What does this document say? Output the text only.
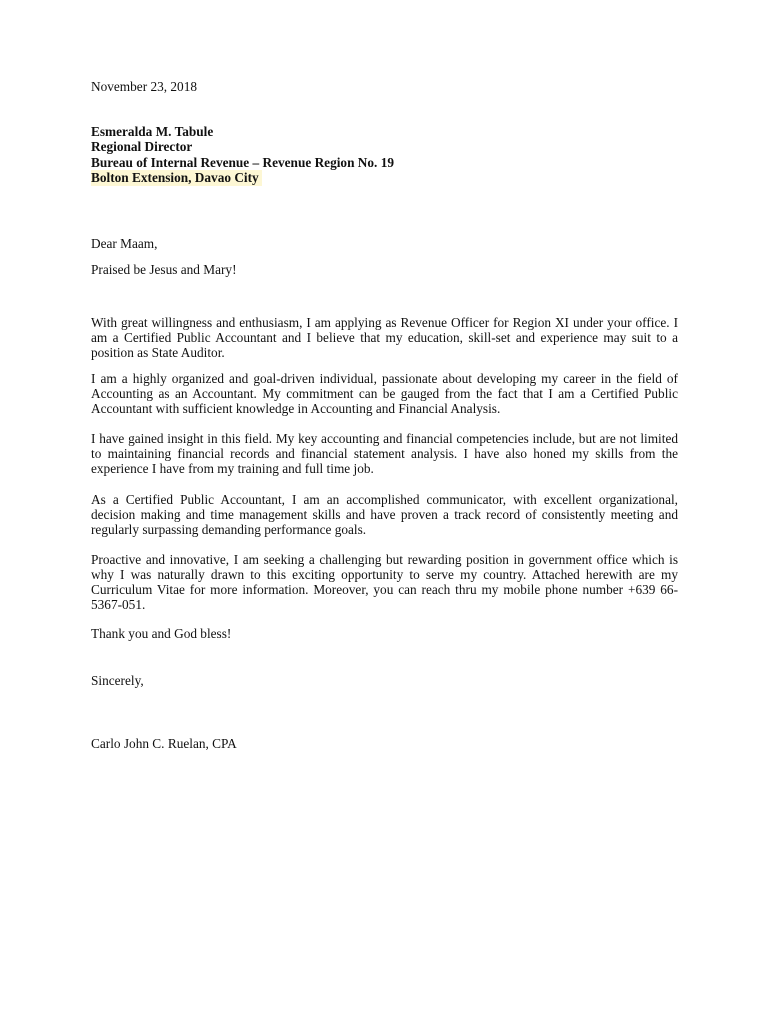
November 23, 2018
Esmeralda M. Tabule
Regional Director
Bureau of Internal Revenue – Revenue Region No. 19
Bolton Extension, Davao City
Dear Maam,
Praised be Jesus and Mary!

With great willingness and enthusiasm, I am applying as Revenue Officer for Region XI under your office. I am a Certified Public Accountant and I believe that my education, skill-set and experience may suit to a position as State Auditor.

I am a highly organized and goal-driven individual, passionate about developing my career in the field of Accounting as an Accountant. My commitment can be gauged from the fact that I am a Certified Public Accountant with sufficient knowledge in Accounting and Financial Analysis.

I have gained insight in this field. My key accounting and financial competencies include, but are not limited to maintaining financial records and financial statement analysis. I have also honed my skills from the experience I have from my training and full time job.

As a Certified Public Accountant, I am an accomplished communicator, with excellent organizational, decision making and time management skills and have proven a track record of consistently meeting and regularly surpassing demanding performance goals.

Proactive and innovative, I am seeking a challenging but rewarding position in government office which is why I was naturally drawn to this exciting opportunity to serve my country. Attached herewith are my Curriculum Vitae for more information. Moreover, you can reach thru my mobile phone number +639 66-5367-051.

Thank you and God bless!
Sincerely,
Carlo John C. Ruelan, CPA
